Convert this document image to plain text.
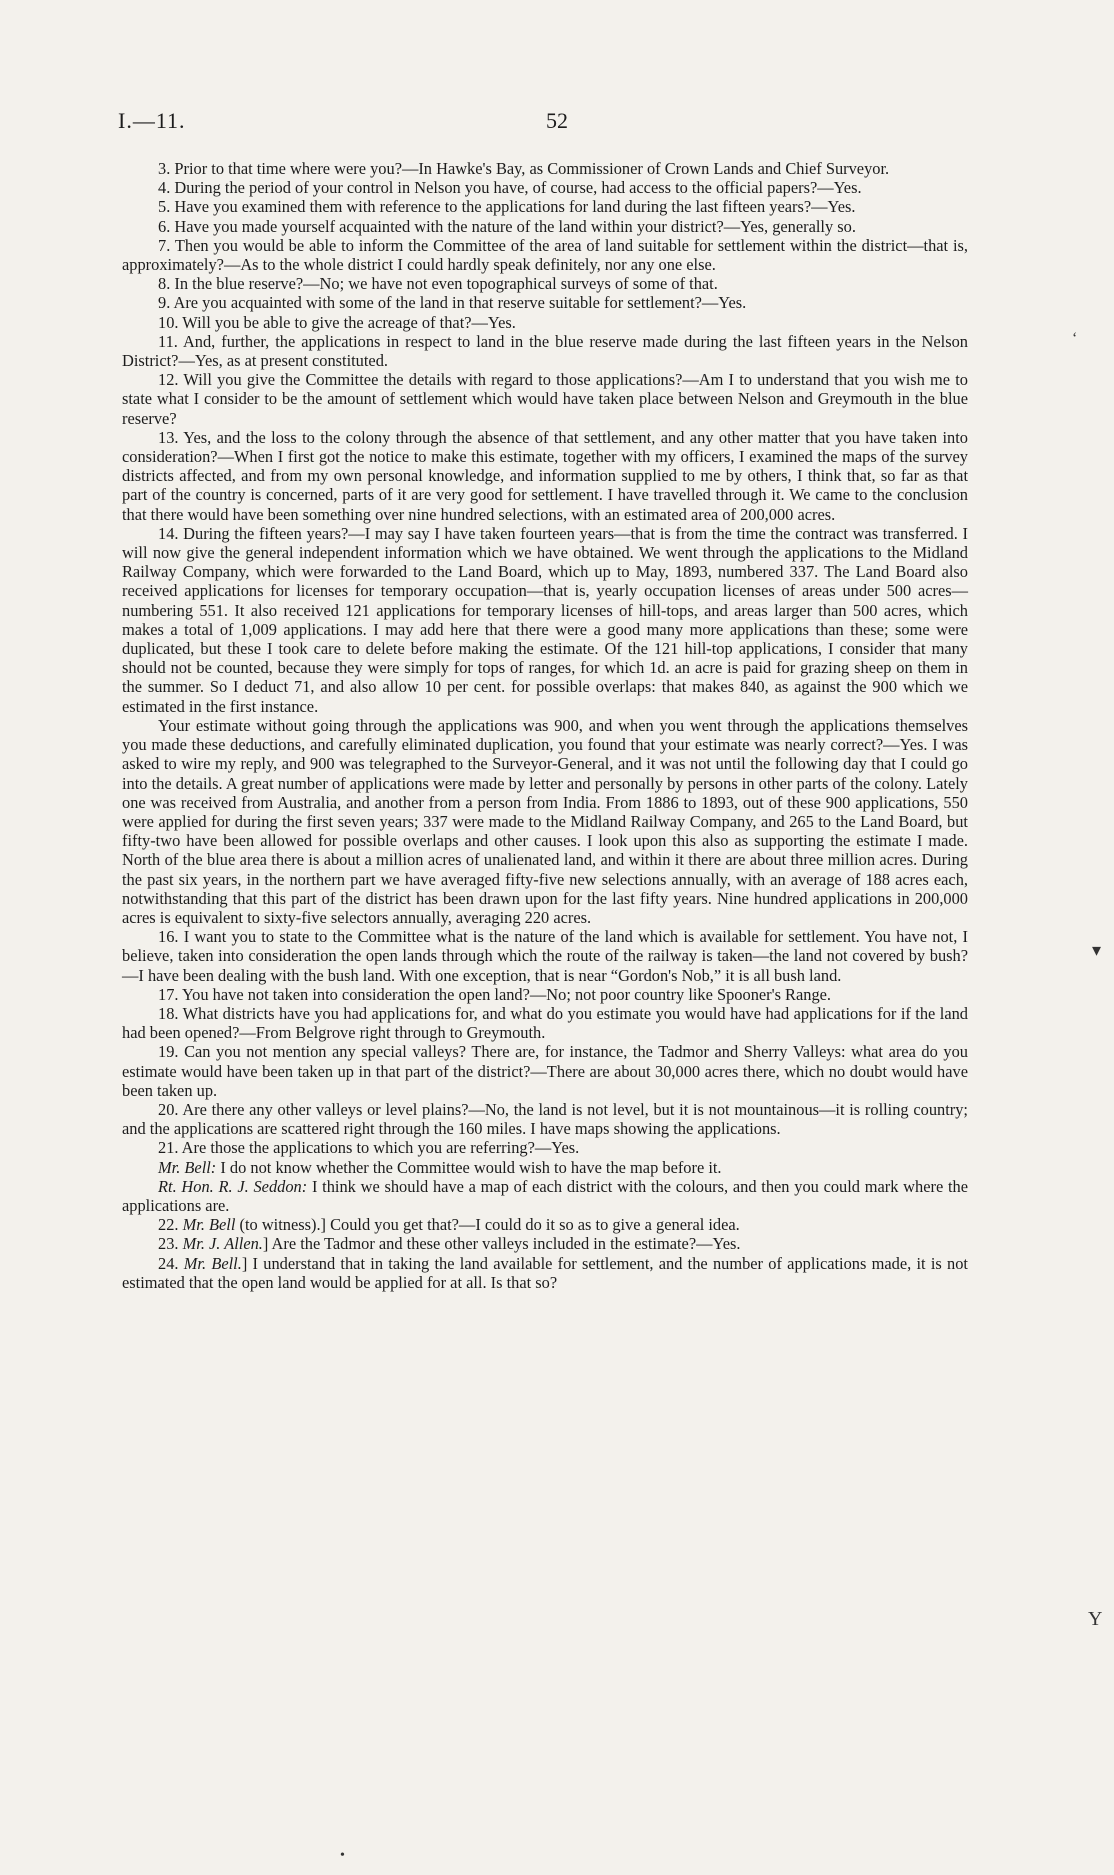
I.—11.	52

3. Prior to that time where were you?—In Hawke's Bay, as Commissioner of Crown Lands and Chief Surveyor.

4. During the period of your control in Nelson you have, of course, had access to the official papers?—Yes.

5. Have you examined them with reference to the applications for land during the last fifteen years?—Yes.

6. Have you made yourself acquainted with the nature of the land within your district?—Yes, generally so.

7. Then you would be able to inform the Committee of the area of land suitable for settlement within the district—that is, approximately?—As to the whole district I could hardly speak definitely, nor any one else.

8. In the blue reserve?—No; we have not even topographical surveys of some of that.

9. Are you acquainted with some of the land in that reserve suitable for settlement?—Yes.

10. Will you be able to give the acreage of that?—Yes.

11. And, further, the applications in respect to land in the blue reserve made during the last fifteen years in the Nelson District?—Yes, as at present constituted.

12. Will you give the Committee the details with regard to those applications?—Am I to understand that you wish me to state what I consider to be the amount of settlement which would have taken place between Nelson and Greymouth in the blue reserve?

13. Yes, and the loss to the colony through the absence of that settlement, and any other matter that you have taken into consideration?—When I first got the notice to make this estimate, together with my officers, I examined the maps of the survey districts affected, and from my own personal knowledge, and information supplied to me by others, I think that, so far as that part of the country is concerned, parts of it are very good for settlement. I have travelled through it. We came to the conclusion that there would have been something over nine hundred selections, with an estimated area of 200,000 acres.

14. During the fifteen years?—I may say I have taken fourteen years—that is from the time the contract was transferred. I will now give the general independent information which we have obtained. We went through the applications to the Midland Railway Company, which were forwarded to the Land Board, which up to May, 1893, numbered 337. The Land Board also received applications for licenses for temporary occupation—that is, yearly occupation licenses of areas under 500 acres—numbering 551. It also received 121 applications for temporary licenses of hill-tops, and areas larger than 500 acres, which makes a total of 1,009 applications. I may add here that there were a good many more applications than these; some were duplicated, but these I took care to delete before making the estimate. Of the 121 hill-top applications, I consider that many should not be counted, because they were simply for tops of ranges, for which 1d. an acre is paid for grazing sheep on them in the summer. So I deduct 71, and also allow 10 per cent. for possible overlaps: that makes 840, as against the 900 which we estimated in the first instance.

Your estimate without going through the applications was 900, and when you went through the applications themselves you made these deductions, and carefully eliminated duplication, you found that your estimate was nearly correct?—Yes. I was asked to wire my reply, and 900 was telegraphed to the Surveyor-General, and it was not until the following day that I could go into the details. A great number of applications were made by letter and personally by persons in other parts of the colony. Lately one was received from Australia, and another from a person from India. From 1886 to 1893, out of these 900 applications, 550 were applied for during the first seven years; 337 were made to the Midland Railway Company, and 265 to the Land Board, but fifty-two have been allowed for possible overlaps and other causes. I look upon this also as supporting the estimate I made. North of the blue area there is about a million acres of unalienated land, and within it there are about three million acres. During the past six years, in the northern part we have averaged fifty-five new selections annually, with an average of 188 acres each, notwithstanding that this part of the district has been drawn upon for the last fifty years. Nine hundred applications in 200,000 acres is equivalent to sixty-five selectors annually, averaging 220 acres.

16. I want you to state to the Committee what is the nature of the land which is available for settlement. You have not, I believe, taken into consideration the open lands through which the route of the railway is taken—the land not covered by bush?—I have been dealing with the bush land. With one exception, that is near “Gordon's Nob,” it is all bush land.

17. You have not taken into consideration the open land?—No; not poor country like Spooner's Range.

18. What districts have you had applications for, and what do you estimate you would have had applications for if the land had been opened?—From Belgrove right through to Greymouth.

19. Can you not mention any special valleys? There are, for instance, the Tadmor and Sherry Valleys: what area do you estimate would have been taken up in that part of the district?—There are about 30,000 acres there, which no doubt would have been taken up.

20. Are there any other valleys or level plains?—No, the land is not level, but it is not mountainous—it is rolling country; and the applications are scattered right through the 160 miles. I have maps showing the applications.

21. Are those the applications to which you are referring?—Yes.

Mr. Bell: I do not know whether the Committee would wish to have the map before it.

Rt. Hon. R. J. Seddon: I think we should have a map of each district with the colours, and then you could mark where the applications are.

22. Mr. Bell (to witness).] Could you get that?—I could do it so as to give a general idea.

23. Mr. J. Allen.] Are the Tadmor and these other valleys included in the estimate?—Yes.

24. Mr. Bell.] I understand that in taking the land available for settlement, and the number of applications made, it is not estimated that the open land would be applied for at all. Is that so?

‘
▾
Y
•
